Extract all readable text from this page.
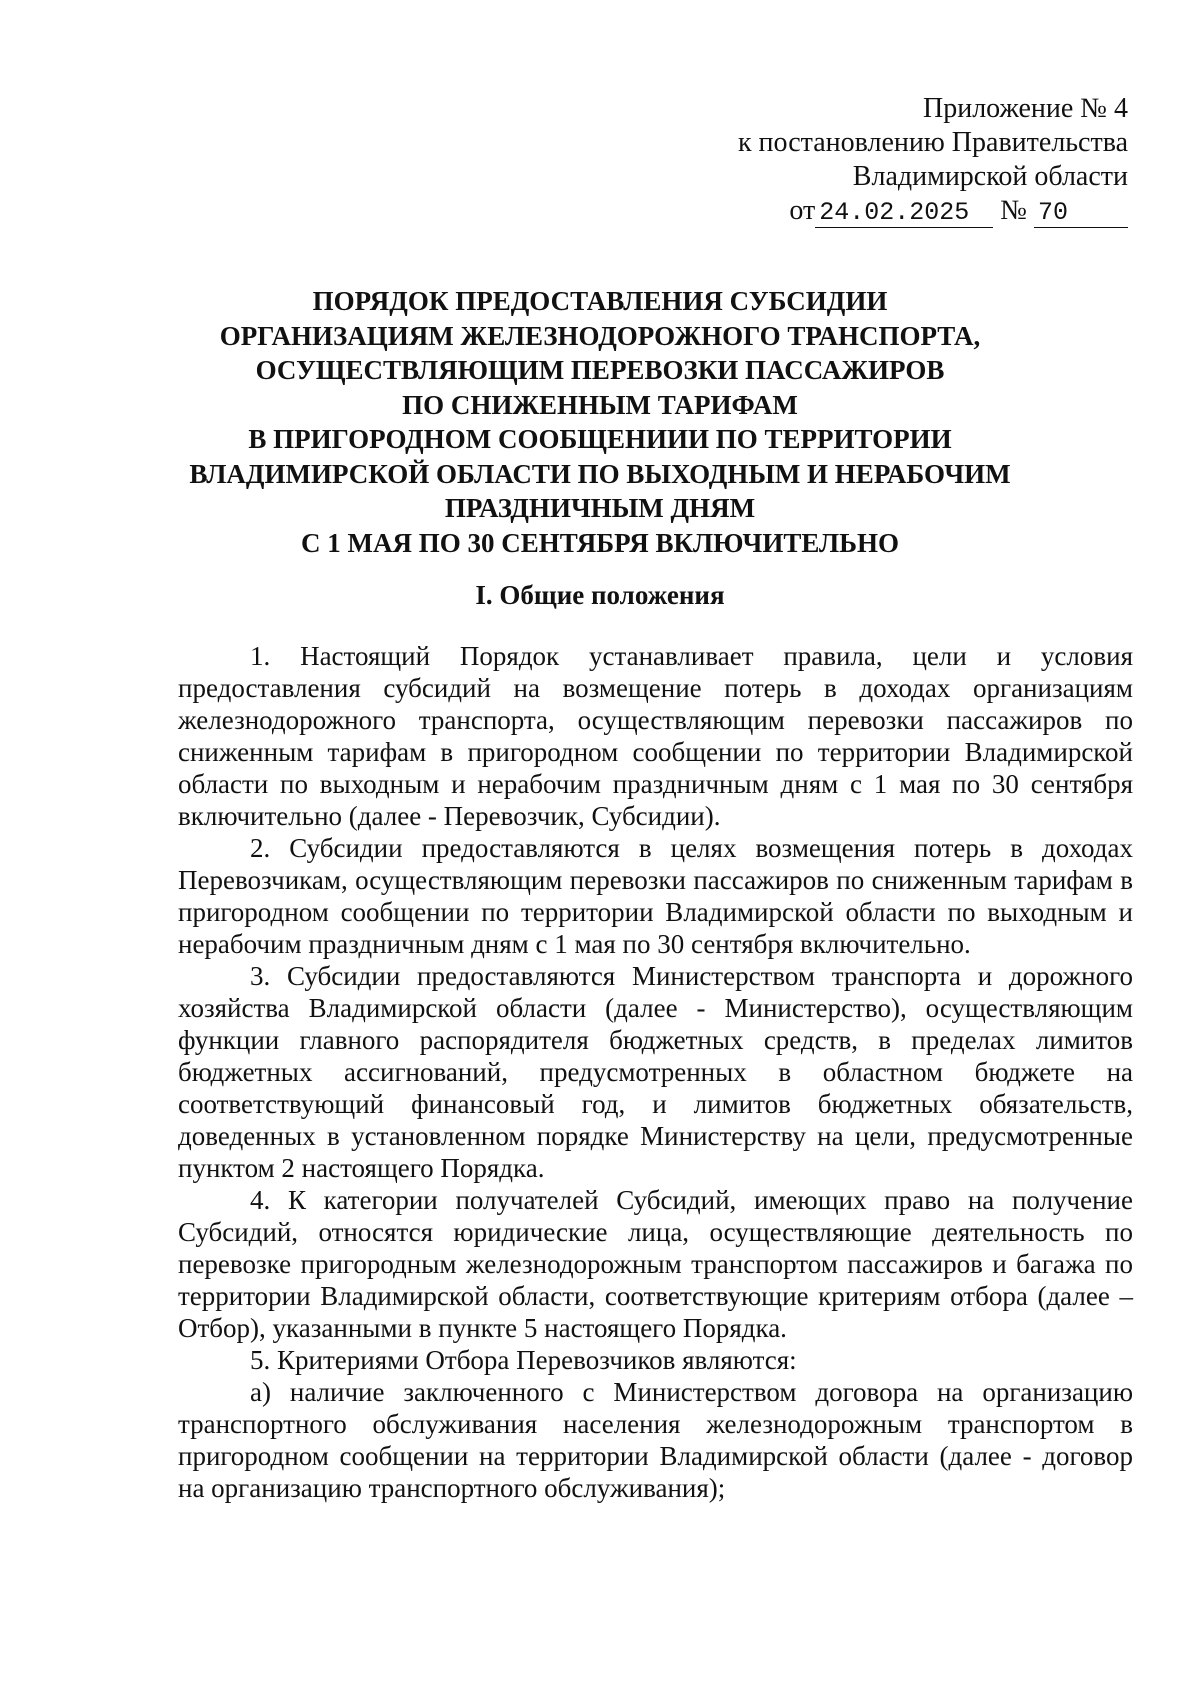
Приложение № 4
к постановлению Правительства
Владимирской области
от 24.02.2025 № 70
ПОРЯДОК ПРЕДОСТАВЛЕНИЯ СУБСИДИИ
ОРГАНИЗАЦИЯМ ЖЕЛЕЗНОДОРОЖНОГО ТРАНСПОРТА,
ОСУЩЕСТВЛЯЮЩИМ ПЕРЕВОЗКИ ПАССАЖИРОВ
ПО СНИЖЕННЫМ ТАРИФАМ
В ПРИГОРОДНОМ СООБЩЕНИИИ ПО ТЕРРИТОРИИ
ВЛАДИМИРСКОЙ ОБЛАСТИ ПО ВЫХОДНЫМ И НЕРАБОЧИМ
ПРАЗДНИЧНЫМ ДНЯМ
С 1 МАЯ ПО 30 СЕНТЯБРЯ ВКЛЮЧИТЕЛЬНО
I. Общие положения

1. Настоящий Порядок устанавливает правила, цели и условия предоставления субсидий на возмещение потерь в доходах организациям железнодорожного транспорта, осуществляющим перевозки пассажиров по сниженным тарифам в пригородном сообщении по территории Владимирской области по выходным и нерабочим праздничным дням с 1 мая по 30 сентября включительно (далее - Перевозчик, Субсидии).

2. Субсидии предоставляются в целях возмещения потерь в доходах Перевозчикам, осуществляющим перевозки пассажиров по сниженным тарифам в пригородном сообщении по территории Владимирской области по выходным и нерабочим праздничным дням с 1 мая по 30 сентября включительно.

3. Субсидии предоставляются Министерством транспорта и дорожного хозяйства Владимирской области (далее - Министерство), осуществляющим функции главного распорядителя бюджетных средств, в пределах лимитов бюджетных ассигнований, предусмотренных в областном бюджете на соответствующий финансовый год, и лимитов бюджетных обязательств, доведенных в установленном порядке Министерству на цели, предусмотренные пунктом 2 настоящего Порядка.

4. К категории получателей Субсидий, имеющих право на получение Субсидий, относятся юридические лица, осуществляющие деятельность по перевозке пригородным железнодорожным транспортом пассажиров и багажа по территории Владимирской области, соответствующие критериям отбора (далее – Отбор), указанными в пункте 5 настоящего Порядка.

5. Критериями Отбора Перевозчиков являются:

а) наличие заключенного с Министерством договора на организацию транспортного обслуживания населения железнодорожным транспортом в пригородном сообщении на территории Владимирской области (далее - договор на организацию транспортного обслуживания);
